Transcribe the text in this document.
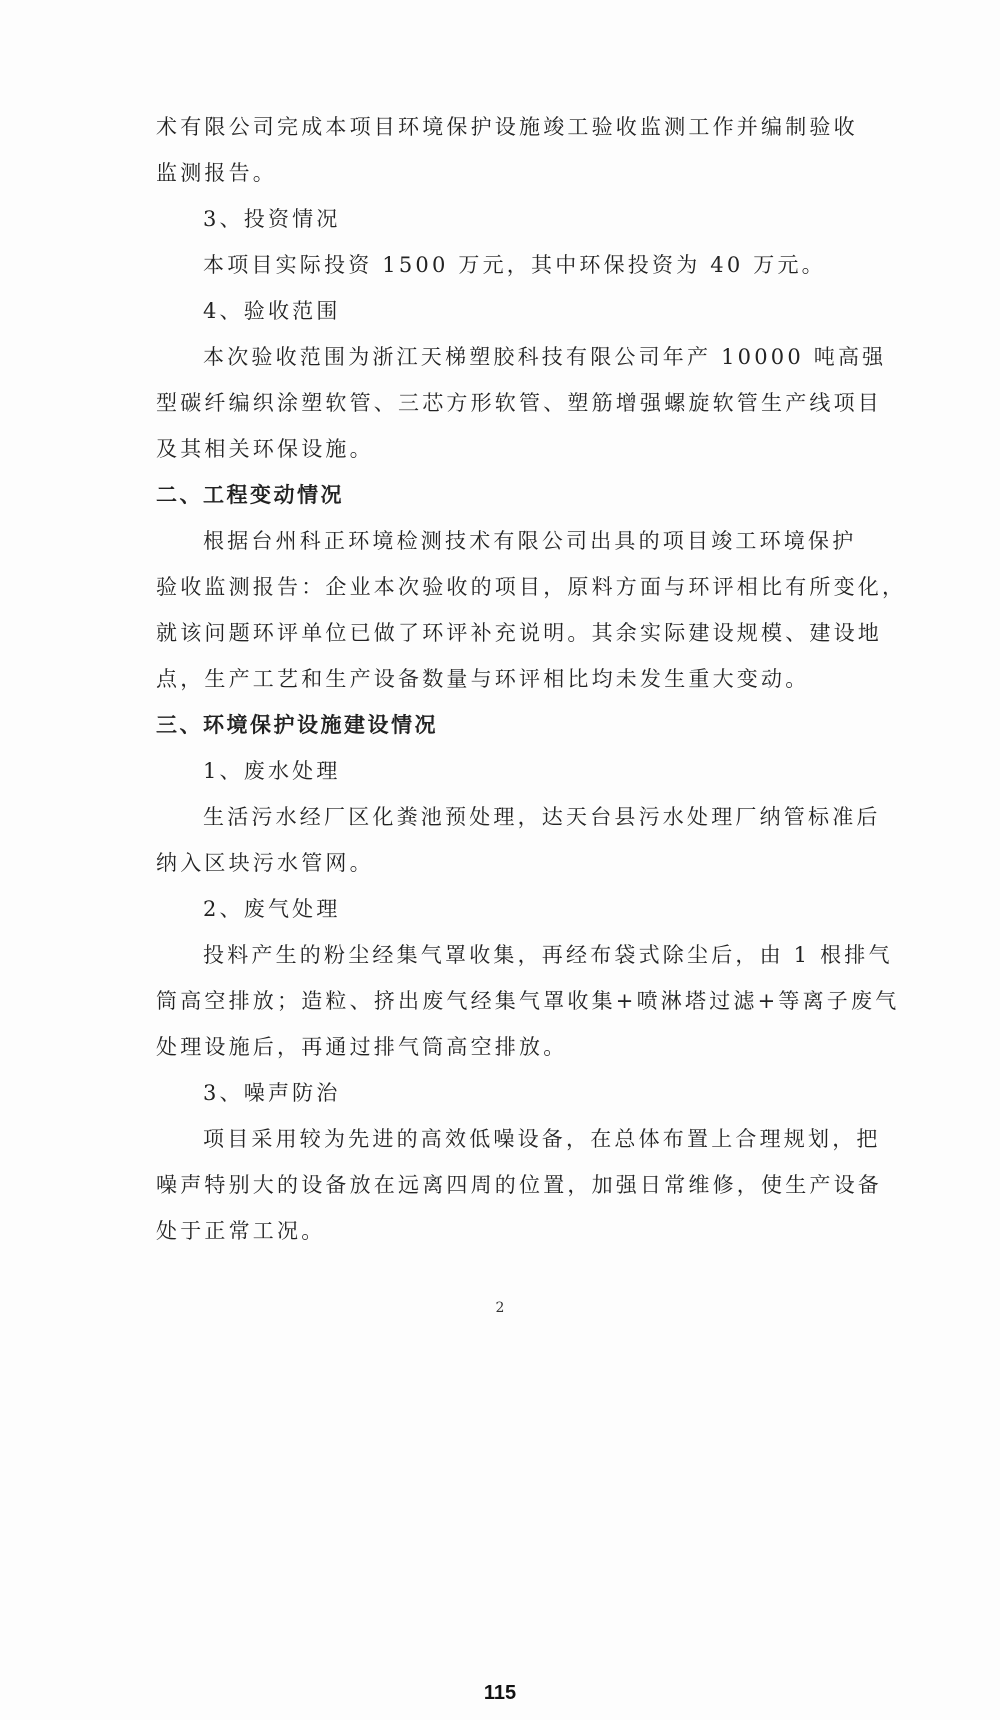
术有限公司完成本项目环境保护设施竣工验收监测工作并编制验收
监测报告。
3、投资情况
本项目实际投资 1500 万元，其中环保投资为 40 万元。
4、验收范围
本次验收范围为浙江天梯塑胶科技有限公司年产 10000 吨高强
型碳纤编织涂塑软管、三芯方形软管、塑筋增强螺旋软管生产线项目
及其相关环保设施。
二、工程变动情况
根据台州科正环境检测技术有限公司出具的项目竣工环境保护
验收监测报告：企业本次验收的项目，原料方面与环评相比有所变化，
就该问题环评单位已做了环评补充说明。其余实际建设规模、建设地
点，生产工艺和生产设备数量与环评相比均未发生重大变动。
三、环境保护设施建设情况
1、废水处理
生活污水经厂区化粪池预处理，达天台县污水处理厂纳管标准后
纳入区块污水管网。
2、废气处理
投料产生的粉尘经集气罩收集，再经布袋式除尘后，由 1 根排气
筒高空排放；造粒、挤出废气经集气罩收集+喷淋塔过滤+等离子废气
处理设施后，再通过排气筒高空排放。
3、噪声防治
项目采用较为先进的高效低噪设备，在总体布置上合理规划，把
噪声特别大的设备放在远离四周的位置，加强日常维修，使生产设备
处于正常工况。
2
115
